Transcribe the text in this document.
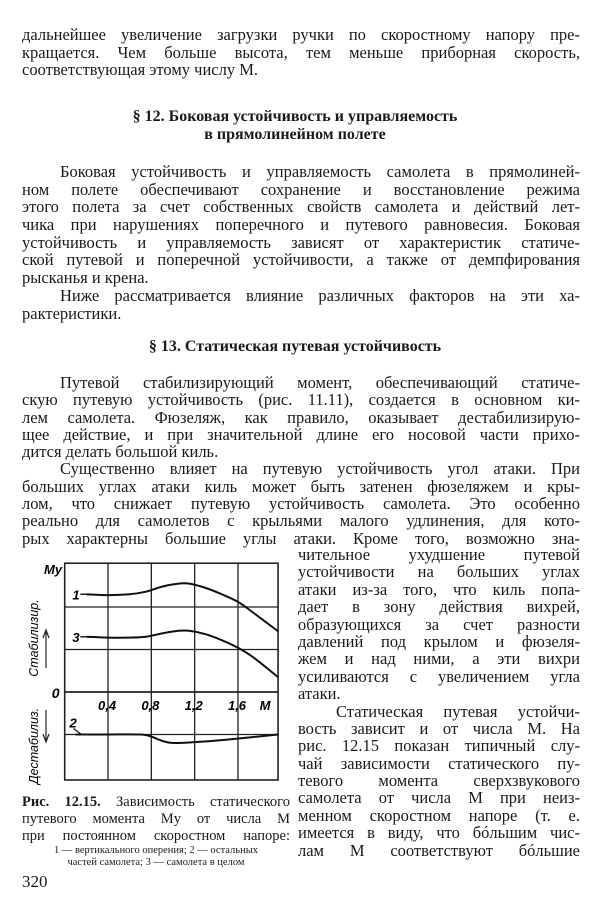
дальнейшее увеличение загрузки ручки по скоростному напору пре-
кращается. Чем больше высота, тем меньше приборная скорость,
соответствующая этому числу M.
§ 12. Боковая устойчивость и управляемость
в прямолинейном полете
Боковая устойчивость и управляемость самолета в прямолиней-
ном полете обеспечивают сохранение и восстановление режима
этого полета за счет собственных свойств самолета и действий лет-
чика при нарушениях поперечного и путевого равновесия. Боковая
устойчивость и управляемость зависят от характеристик статиче-
ской путевой и поперечной устойчивости, а также от демпфирования
рысканья и крена.
Ниже рассматривается влияние различных факторов на эти ха-
рактеристики.
§ 13. Статическая путевая устойчивость
Путевой стабилизирующий момент, обеспечивающий статиче-
скую путевую устойчивость (рис. 11.11), создается в основном ки-
лем самолета. Фюзеляж, как правило, оказывает дестабилизирую-
щее действие, и при значительной длине его носовой части прихо-
дится делать большой киль.
Существенно влияет на путевую устойчивость угол атаки. При
больших углах атаки киль может быть затенен фюзеляжем и кры-
лом, что снижает путевую устойчивость самолета. Это особенно
реально для самолетов с крыльями малого удлинения, для кото-
рых характерны большие углы атаки. Кроме того, возможно зна-
чительное ухудшение путевой
устойчивости на больших углах
атаки из-за того, что киль попа-
дает в зону действия вихрей,
образующихся за счет разности
давлений под крылом и фюзеля-
жем и над ними, а эти вихри
усиливаются с увеличением угла
атаки.
Статическая путевая устойчи-
вость зависит и от числа M. На
рис. 12.15 показан типичный слу-
чай зависимости статического пу-
тевого момента сверхзвукового
самолета от числа M при неиз-
менном скоростном напоре (т. е.
имеется в виду, что бóльшим чис-
лам M соответствуют бóльшие
0,4 0,8 1,2 1,6 M
0
Mу
Стабилизир.
Дестабилиз.
1
3
2
Рис. 12.15. Зависимость статического
путевого момента Mу от числа M
при постоянном скоростном напоре:
1 — вертикального оперения; 2 — остальных
частей самолета; 3 — самолета в целом
320
